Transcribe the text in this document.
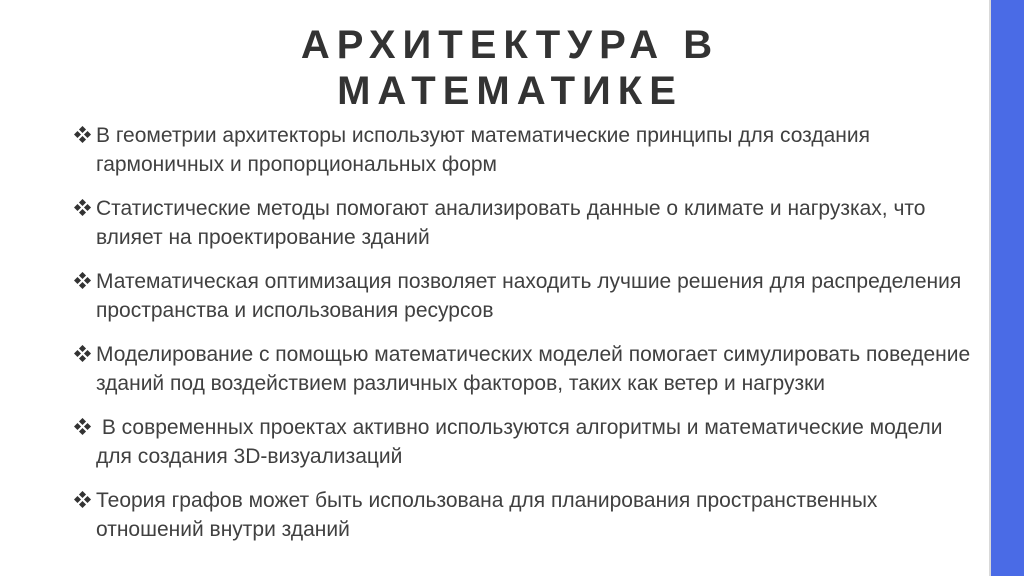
АРХИТЕКТУРА В
МАТЕМАТИКЕ
В геометрии архитекторы используют математические принципы для создания гармоничных и пропорциональных форм
Статистические методы помогают анализировать данные о климате и нагрузках, что влияет на проектирование зданий
Математическая оптимизация позволяет находить лучшие решения для распределения пространства и использования ресурсов
Моделирование с помощью математических моделей помогает симулировать поведение зданий под воздействием различных факторов, таких как ветер и нагрузки
В современных проектах активно используются алгоритмы и математические модели для создания 3D-визуализаций
Теория графов может быть использована для планирования пространственных отношений внутри зданий
